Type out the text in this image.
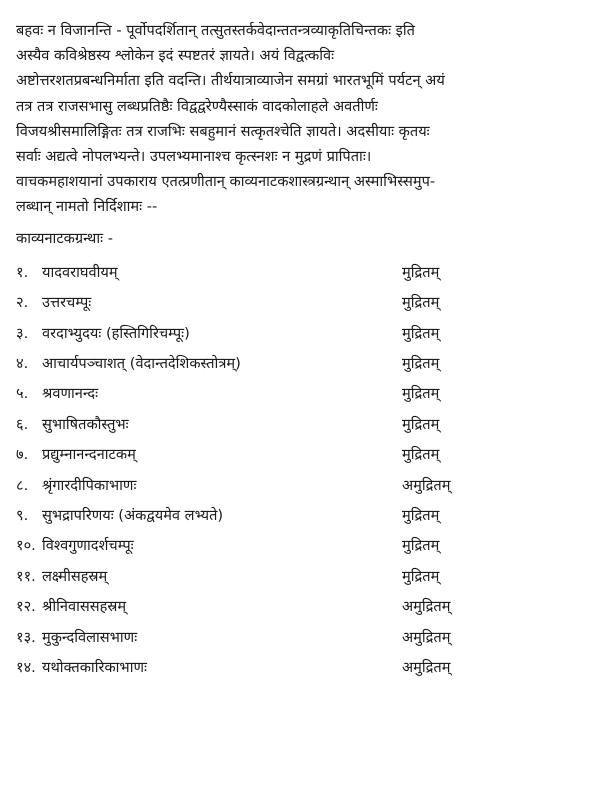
बहवः न विजानन्ति - पूर्वोपदर्शितान् तत्सुतस्तर्कवेदान्ततन्त्रव्याकृतिचिन्तकः इति
अस्यैव कविश्रेष्ठस्य श्लोकेन इदं स्पष्टतरं ज्ञायते। अयं विद्वत्कविः
अष्टोत्तरशतप्रबन्धनिर्माता इति वदन्ति। तीर्थयात्राव्याजेन समग्रां भारतभूमिं पर्यटन् अयं
तत्र तत्र राजसभासु लब्धप्रतिष्ठैः विद्वद्वरेण्यैस्साकं वादकोलाहले अवतीर्णः
विजयश्रीसमालिङ्गितः तत्र राजभिः सबहुमानं सत्कृतश्चेति ज्ञायते। अदसीयाः कृतयः
सर्वाः अद्यत्वे नोपलभ्यन्ते। उपलभ्यमानाश्च कृत्स्नशः न मुद्रणं प्रापिताः।
वाचकमहाशयानां उपकाराय एतत्प्रणीतान् काव्यनाटकशास्त्रग्रन्थान् अस्माभिस्समुप-
लब्धान् नामतो निर्दिशामः --
काव्यनाटकग्रन्थाः -
१. यादवराघवीयम्	मुद्रितम्
२. उत्तरचम्पूः	मुद्रितम्
३. वरदाभ्युदयः (हस्तिगिरिचम्पूः)	मुद्रितम्
४. आचार्यपञ्चाशत् (वेदान्तदेशिकस्तोत्रम्)	मुद्रितम्
५. श्रवणानन्दः	मुद्रितम्
६. सुभाषितकौस्तुभः	मुद्रितम्
७. प्रद्युम्नानन्दनाटकम्	मुद्रितम्
८. श्रृंगारदीपिकाभाणः	अमुद्रितम्
९. सुभद्रापरिणयः (अंकद्वयमेव लभ्यते)	मुद्रितम्
१०. विश्वगुणादर्शचम्पूः	मुद्रितम्
११. लक्ष्मीसहस्रम्	मुद्रितम्
१२. श्रीनिवाससहस्रम्	अमुद्रितम्
१३. मुकुन्दविलासभाणः	अमुद्रितम्
१४. यथोक्तकारिकाभाणः	अमुद्रितम्
